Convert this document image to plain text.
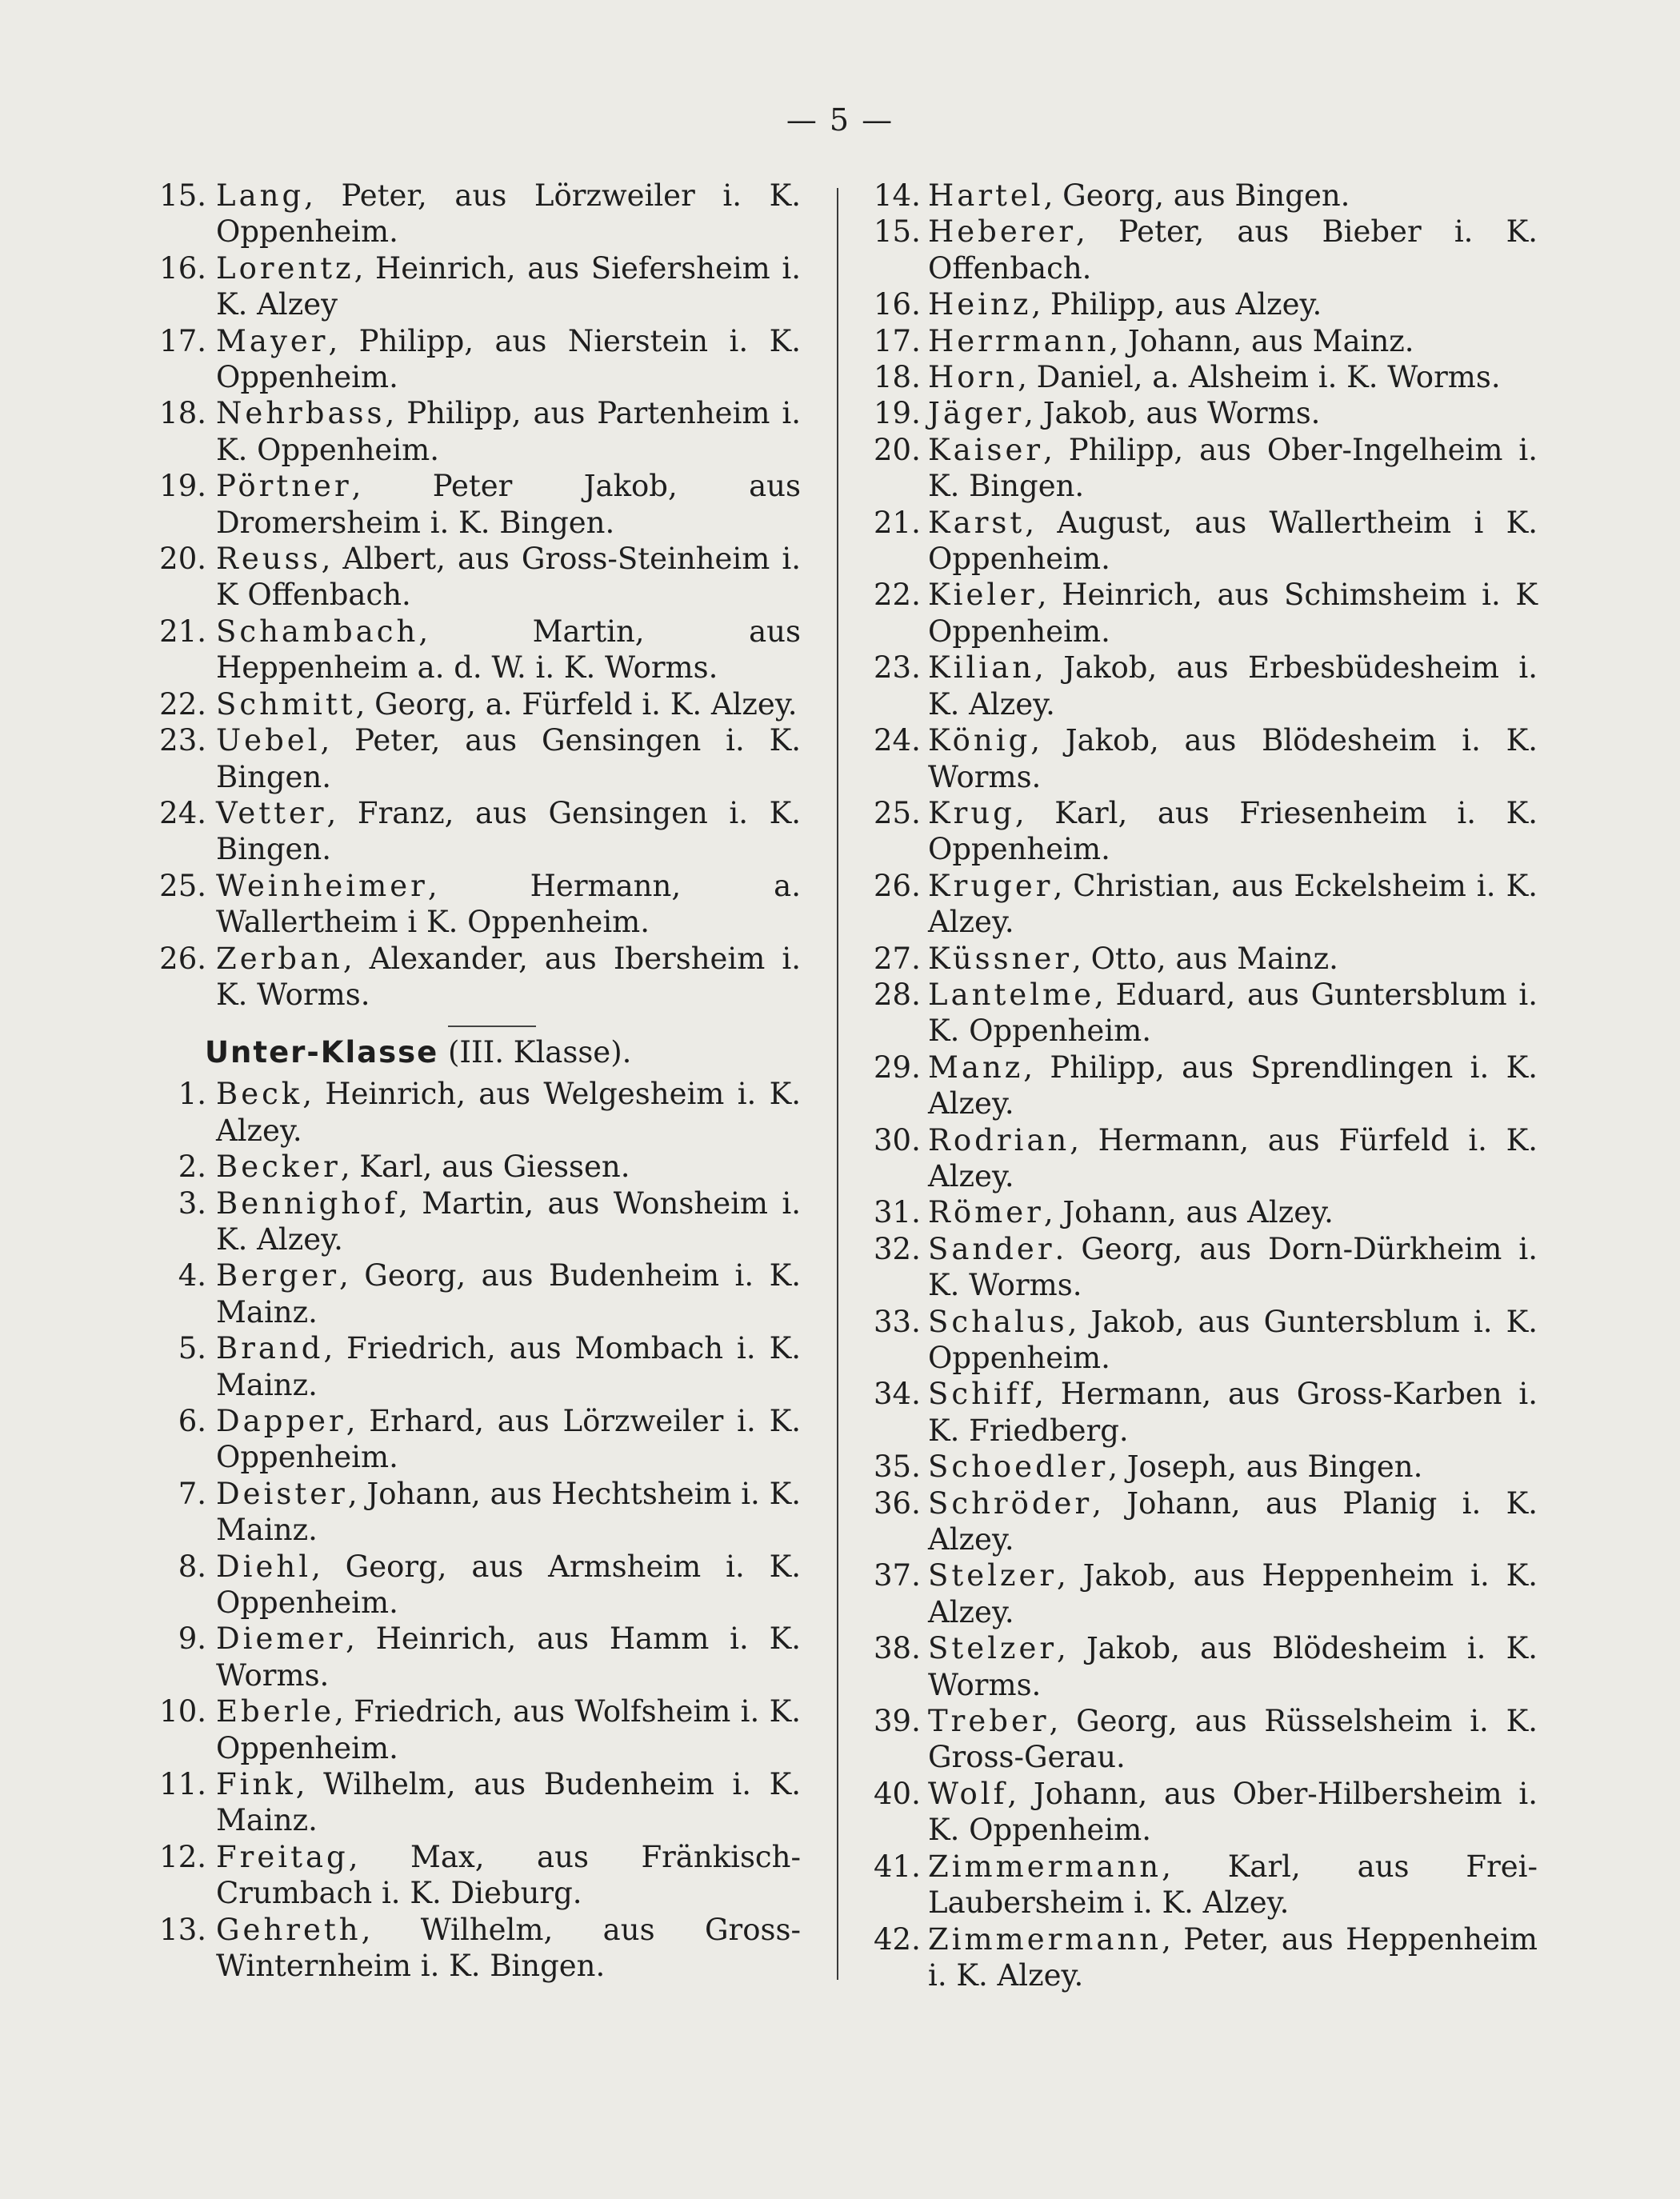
— 5 —
15. Lang, Peter, aus Lörzweiler i. K. Oppenheim.
16. Lorentz, Heinrich, aus Siefersheim i. K. Alzey
17. Mayer, Philipp, aus Nierstein i. K. Oppenheim.
18. Nehrbass, Philipp, aus Partenheim i. K. Oppenheim.
19. Pörtner, Peter Jakob, aus Dromersheim i. K. Bingen.
20. Reuss, Albert, aus Gross-Steinheim i. K Offenbach.
21. Schambach, Martin, aus Heppenheim a. d. W. i. K. Worms.
22. Schmitt, Georg, a. Fürfeld i. K. Alzey.
23. Uebel, Peter, aus Gensingen i. K. Bingen.
24. Vetter, Franz, aus Gensingen i. K. Bingen.
25. Weinheimer, Hermann, a. Wallertheim i K. Oppenheim.
26. Zerban, Alexander, aus Ibersheim i. K. Worms.
Unter-Klasse (III. Klasse).
1. Beck, Heinrich, aus Welgesheim i. K. Alzey.
2. Becker, Karl, aus Giessen.
3. Bennighof, Martin, aus Wonsheim i. K. Alzey.
4. Berger, Georg, aus Budenheim i. K. Mainz.
5. Brand, Friedrich, aus Mombach i. K. Mainz.
6. Dapper, Erhard, aus Lörzweiler i. K. Oppenheim.
7. Deister, Johann, aus Hechtsheim i. K. Mainz.
8. Diehl, Georg, aus Armsheim i. K. Oppenheim.
9. Diemer, Heinrich, aus Hamm i. K. Worms.
10. Eberle, Friedrich, aus Wolfsheim i. K. Oppenheim.
11. Fink, Wilhelm, aus Budenheim i. K. Mainz.
12. Freitag, Max, aus Fränkisch-Crumbach i. K. Dieburg.
13. Gehreth, Wilhelm, aus Gross-Winternheim i. K. Bingen.
14. Hartel, Georg, aus Bingen.
15. Heberer, Peter, aus Bieber i. K. Offenbach.
16. Heinz, Philipp, aus Alzey.
17. Herrmann, Johann, aus Mainz.
18. Horn, Daniel, a. Alsheim i. K. Worms.
19. Jäger, Jakob, aus Worms.
20. Kaiser, Philipp, aus Ober-Ingelheim i. K. Bingen.
21. Karst, August, aus Wallertheim i K. Oppenheim.
22. Kieler, Heinrich, aus Schimsheim i. K Oppenheim.
23. Kilian, Jakob, aus Erbesbüdesheim i. K. Alzey.
24. König, Jakob, aus Blödesheim i. K. Worms.
25. Krug, Karl, aus Friesenheim i. K. Oppenheim.
26. Kruger, Christian, aus Eckelsheim i. K. Alzey.
27. Küssner, Otto, aus Mainz.
28. Lantelme, Eduard, aus Guntersblum i. K. Oppenheim.
29. Manz, Philipp, aus Sprendlingen i. K. Alzey.
30. Rodrian, Hermann, aus Fürfeld i. K. Alzey.
31. Römer, Johann, aus Alzey.
32. Sander. Georg, aus Dorn-Dürkheim i. K. Worms.
33. Schalus, Jakob, aus Guntersblum i. K. Oppenheim.
34. Schiff, Hermann, aus Gross-Karben i. K. Friedberg.
35. Schoedler, Joseph, aus Bingen.
36. Schröder, Johann, aus Planig i. K. Alzey.
37. Stelzer, Jakob, aus Heppenheim i. K. Alzey.
38. Stelzer, Jakob, aus Blödesheim i. K. Worms.
39. Treber, Georg, aus Rüsselsheim i. K. Gross-Gerau.
40. Wolf, Johann, aus Ober-Hilbersheim i. K. Oppenheim.
41. Zimmermann, Karl, aus Frei-Laubersheim i. K. Alzey.
42. Zimmermann, Peter, aus Heppenheim i. K. Alzey.
